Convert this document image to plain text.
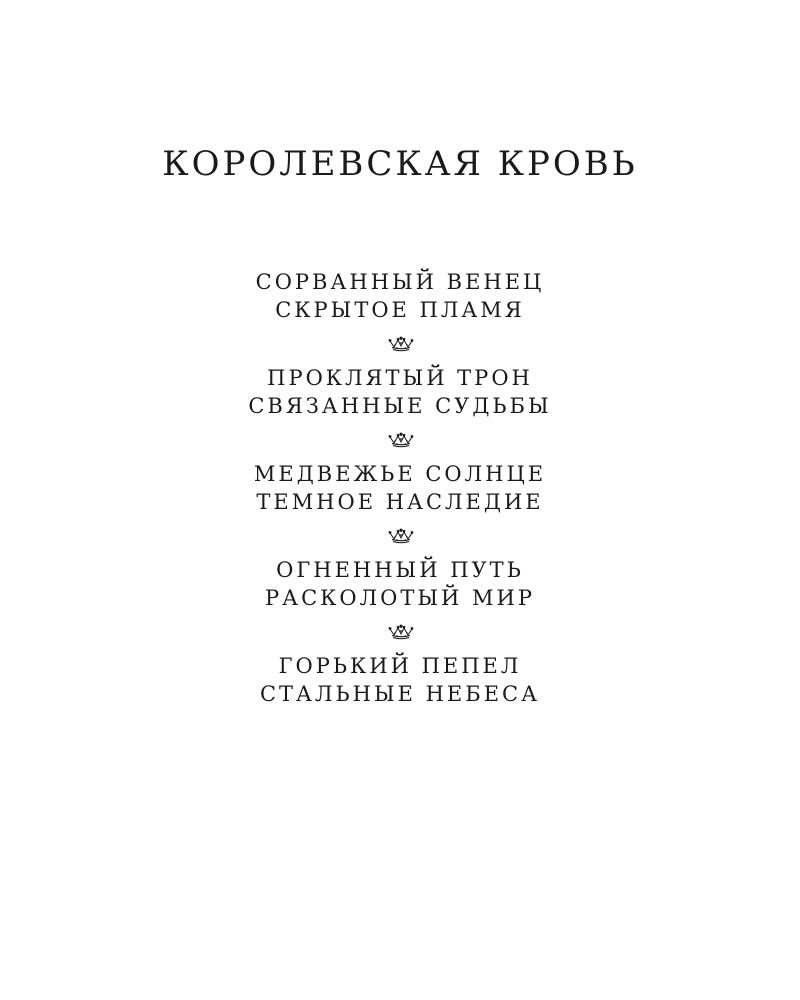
КОРОЛЕВСКАЯ КРОВЬ
СОРВАННЫЙ ВЕНЕЦ
СКРЫТОЕ ПЛАМЯ
ПРОКЛЯТЫЙ ТРОН
СВЯЗАННЫЕ СУДЬБЫ
МЕДВЕЖЬЕ СОЛНЦЕ
ТЕМНОЕ НАСЛЕДИЕ
ОГНЕННЫЙ ПУТЬ
РАСКОЛОТЫЙ МИР
ГОРЬКИЙ ПЕПЕЛ
СТАЛЬНЫЕ НЕБЕСА
